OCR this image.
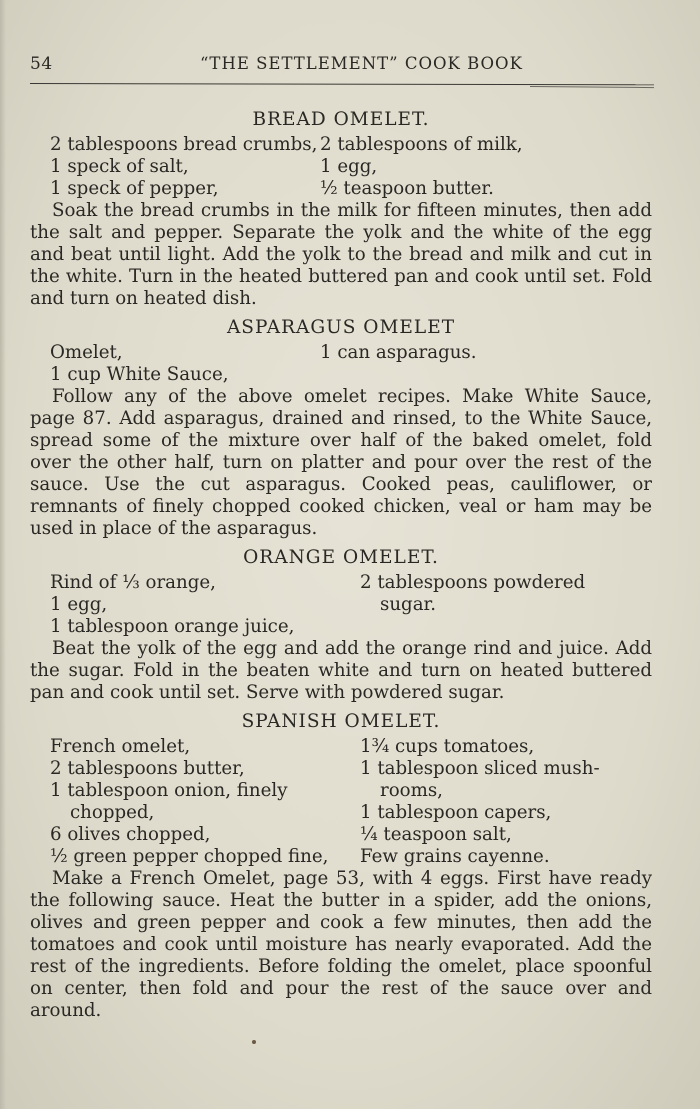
54	“THE SETTLEMENT” COOK BOOK
BREAD OMELET.
2 tablespoons bread crumbs,
1 speck of salt,
1 speck of pepper,
2 tablespoons of milk,
1 egg,
½ teaspoon butter.

Soak the bread crumbs in the milk for fifteen minutes, then add the salt and pepper. Separate the yolk and the white of the egg and beat until light. Add the yolk to the bread and milk and cut in the white. Turn in the heated buttered pan and cook until set. Fold and turn on heated dish.

ASPARAGUS OMELET
Omelet,
1 cup White Sauce,
1 can asparagus.

Follow any of the above omelet recipes. Make White Sauce, page 87. Add asparagus, drained and rinsed, to the White Sauce, spread some of the mixture over half of the baked omelet, fold over the other half, turn on platter and pour over the rest of the sauce. Use the cut asparagus. Cooked peas, cauliflower, or remnants of finely chopped cooked chicken, veal or ham may be used in place of the asparagus.

ORANGE OMELET.
Rind of ⅓ orange,
1 egg,
1 tablespoon orange juice,
2 tablespoons powdered
sugar.

Beat the yolk of the egg and add the orange rind and juice. Add the sugar. Fold in the beaten white and turn on heated buttered pan and cook until set. Serve with powdered sugar.

SPANISH OMELET.
French omelet,
2 tablespoons butter,
1 tablespoon onion, finely
chopped,
6 olives chopped,
½ green pepper chopped fine,
1¾ cups tomatoes,
1 tablespoon sliced mush-
rooms,
1 tablespoon capers,
¼ teaspoon salt,
Few grains cayenne.

Make a French Omelet, page 53, with 4 eggs. First have ready the following sauce. Heat the butter in a spider, add the onions, olives and green pepper and cook a few minutes, then add the tomatoes and cook until moisture has nearly evaporated. Add the rest of the ingredients. Before folding the omelet, place spoonful on center, then fold and pour the rest of the sauce over and around.
